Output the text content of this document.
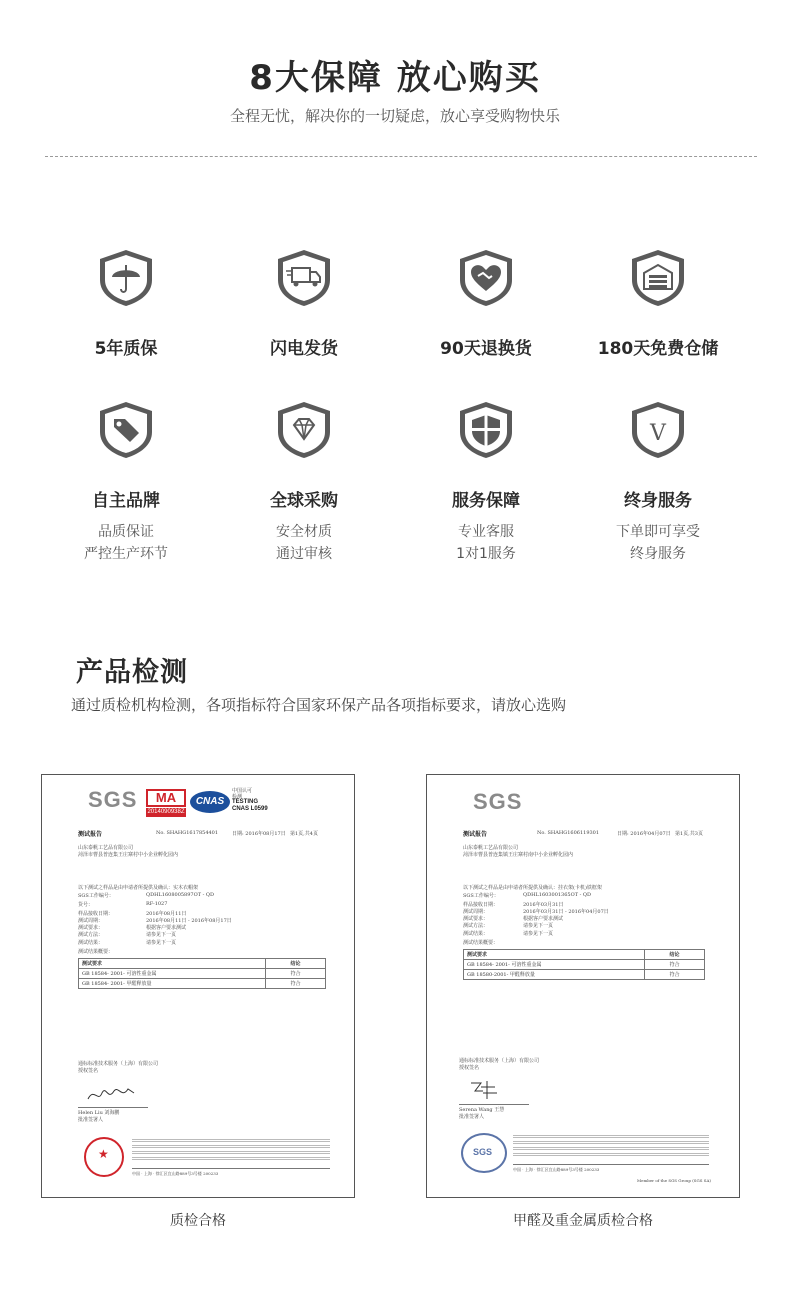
8大保障 放心购买
全程无忧，解决你的一切疑虑，放心享受购物快乐
5年质保	闪电发货	90天退换货	180天免费仓储
自主品牌
品质保证
严控生产环节
全球采购
安全材质
通过审核
服务保障
专业客服
1对1服务
V
终身服务
下单即可享受
终身服务
产品检测
通过质检机构检测，各项指标符合国家环保产品各项指标要求，请放心选购
SGS	MA
2014090938Z
CNAS
中国认可
检测
TESTING
CNAS L0599
测试报告	No. SHAHG1617854401	日期: 2016年08月17日 第1页,共4页
山东泰帆工艺品有限公司
菏泽市曹县普连集王庄寨村中小企业孵化园内
以下测试之样品是由申请者所提供及确认：实木衣帽架
SGS工作编号：	QDHL1608005897OT - QD
货号：	RF-1027
样品接收日期：	2016年08月11日
测试周期：	2016年08月11日 - 2016年08月17日
测试要求：	根据客户要求测试
测试方法：	请参见下一页
测试结果：	请参见下一页
测试结果概要：
测试要求	结论
GB 18584- 2001- 可溶性重金属	符合
GB 18584- 2001- 甲醛释放量	符合
通标标准技术服务（上海）有限公司
授权签名
Helen Liu 刘海鹏
批准签署人
★
中国 · 上海 · 徐汇区宜山路889号3号楼 200233
质检合格
SGS
测试报告	No. SHAHG1606119301	日期: 2016年04月07日 第1页,共3页
山东泰帆工艺品有限公司
菏泽市曹县普连集镇王庄寨村南中小企业孵化园内
以下测试之样品是由申请者所提供及确认：挂衣架(卡机)铁框架
SGS工作编号：	QDHL1603001365OT - QD
样品接收日期：	2016年03月31日
测试周期：	2016年03月31日 - 2016年04月07日
测试要求：	根据客户要求测试
测试方法：	请参见下一页
测试结果：	请参见下一页
测试结果概要：
测试要求	结论
GB 18584- 2001- 可溶性重金属	符合
GB 18580-2001- 甲醛释放量	符合
通标标准技术服务（上海）有限公司
授权签名
Serena Wang 王慧
批准签署人
SGS
中国 · 上海 · 徐汇区宜山路889号3号楼 200233
Member of the SGS Group (SGS SA)
甲醛及重金属质检合格
